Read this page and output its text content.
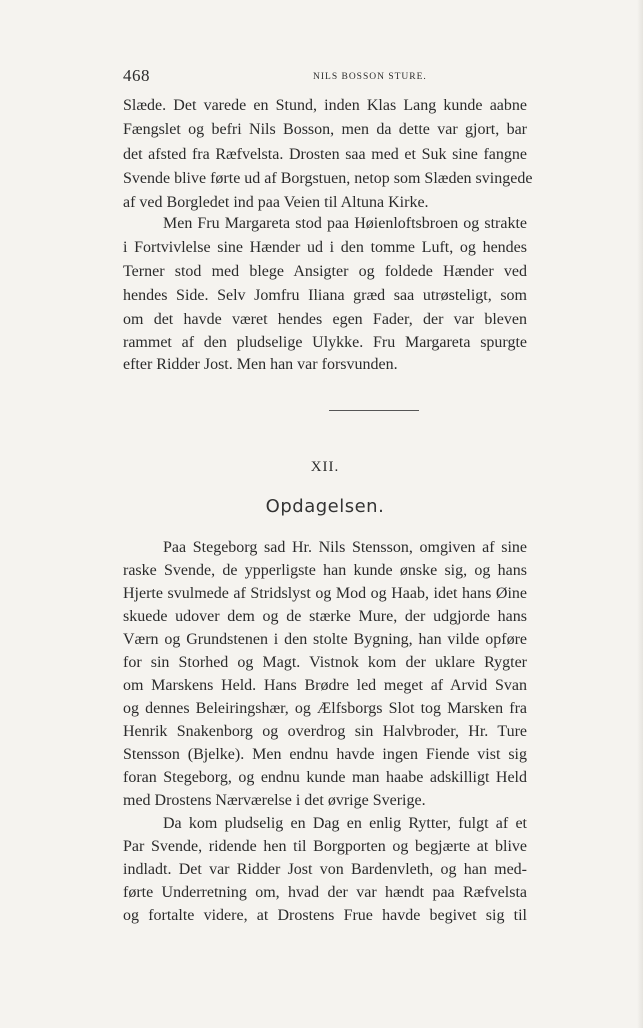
468	NILS BOSSON STURE.
Slæde. Det varede en Stund, inden Klas Lang kunde aabne
Fængslet og befri Nils Bosson, men da dette var gjort, bar
det afsted fra Ræfvelsta. Drosten saa med et Suk sine fangne
Svende blive førte ud af Borgstuen, netop som Slæden svingede
af ved Borgledet ind paa Veien til Altuna Kirke.
Men Fru Margareta stod paa Høienloftsbroen og strakte
i Fortvivlelse sine Hænder ud i den tomme Luft, og hendes
Terner stod med blege Ansigter og foldede Hænder ved
hendes Side. Selv Jomfru Iliana græd saa utrøsteligt, som
om det havde været hendes egen Fader, der var bleven
rammet af den pludselige Ulykke. Fru Margareta spurgte
efter Ridder Jost. Men han var forsvunden.
XII.
Opdagelsen.
Paa Stegeborg sad Hr. Nils Stensson, omgiven af sine
raske Svende, de ypperligste han kunde ønske sig, og hans
Hjerte svulmede af Stridslyst og Mod og Haab, idet hans Øine
skuede udover dem og de stærke Mure, der udgjorde hans
Værn og Grundstenen i den stolte Bygning, han vilde opføre
for sin Storhed og Magt. Vistnok kom der uklare Rygter
om Marskens Held. Hans Brødre led meget af Arvid Svan
og dennes Beleiringshær, og Ælfsborgs Slot tog Marsken fra
Henrik Snakenborg og overdrog sin Halvbroder, Hr. Ture
Stensson (Bjelke). Men endnu havde ingen Fiende vist sig
foran Stegeborg, og endnu kunde man haabe adskilligt Held
med Drostens Nærværelse i det øvrige Sverige.
Da kom pludselig en Dag en enlig Rytter, fulgt af et
Par Svende, ridende hen til Borgporten og begjærte at blive
indladt. Det var Ridder Jost von Bardenvleth, og han med-
førte Underretning om, hvad der var hændt paa Ræfvelsta
og fortalte videre, at Drostens Frue havde begivet sig til
